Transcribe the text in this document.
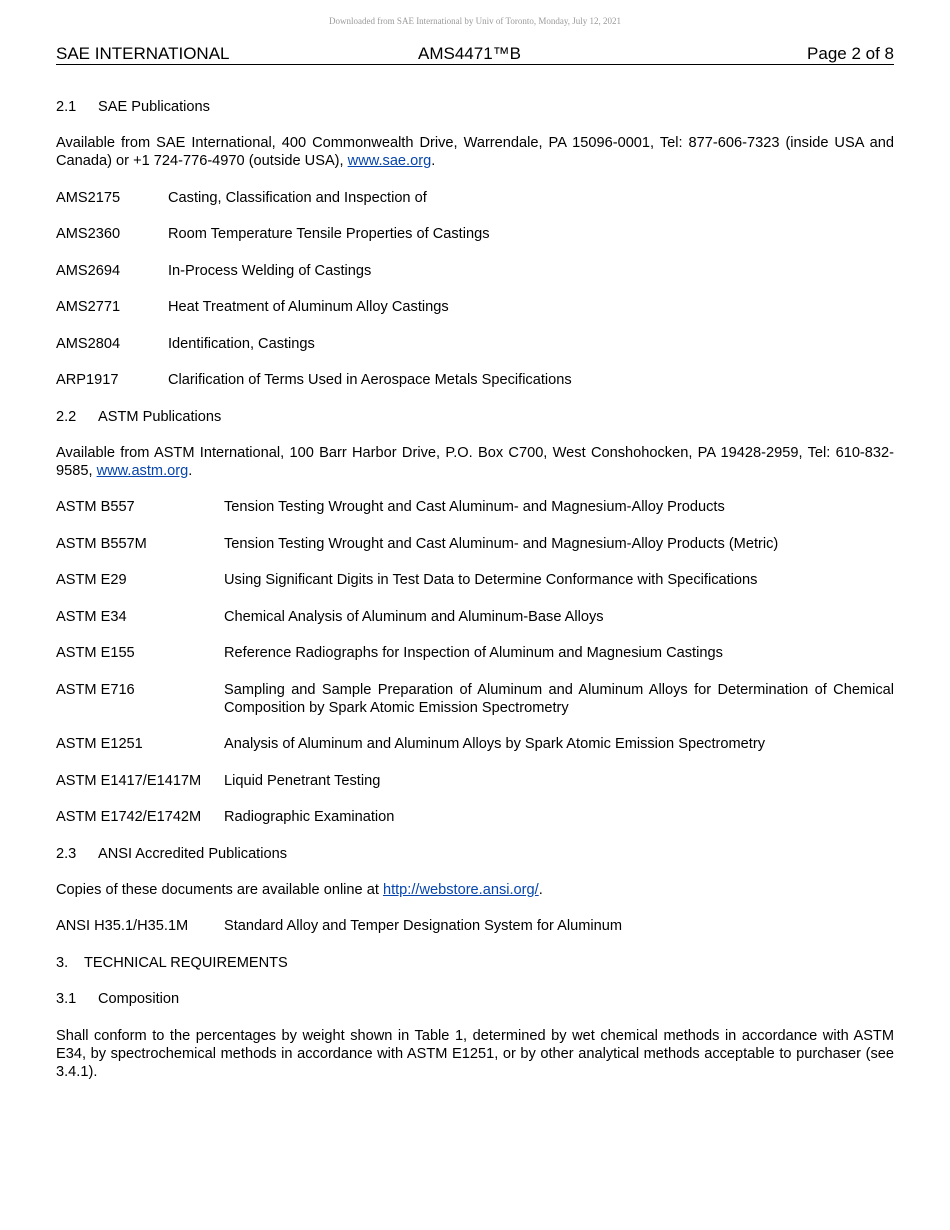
Downloaded from SAE International by Univ of Toronto, Monday, July 12, 2021
SAE INTERNATIONAL	AMS4471™B	Page 2 of 8
2.1 SAE Publications
Available from SAE International, 400 Commonwealth Drive, Warrendale, PA 15096-0001, Tel: 877-606-7323 (inside USA and Canada) or +1 724-776-4970 (outside USA), www.sae.org.
AMS2175	Casting, Classification and Inspection of
AMS2360	Room Temperature Tensile Properties of Castings
AMS2694	In-Process Welding of Castings
AMS2771	Heat Treatment of Aluminum Alloy Castings
AMS2804	Identification, Castings
ARP1917	Clarification of Terms Used in Aerospace Metals Specifications
2.2 ASTM Publications
Available from ASTM International, 100 Barr Harbor Drive, P.O. Box C700, West Conshohocken, PA 19428-2959, Tel: 610-832-9585, www.astm.org.
ASTM B557	Tension Testing Wrought and Cast Aluminum- and Magnesium-Alloy Products
ASTM B557M	Tension Testing Wrought and Cast Aluminum- and Magnesium-Alloy Products (Metric)
ASTM E29	Using Significant Digits in Test Data to Determine Conformance with Specifications
ASTM E34	Chemical Analysis of Aluminum and Aluminum-Base Alloys
ASTM E155	Reference Radiographs for Inspection of Aluminum and Magnesium Castings
ASTM E716	Sampling and Sample Preparation of Aluminum and Aluminum Alloys for Determination of Chemical Composition by Spark Atomic Emission Spectrometry
ASTM E1251	Analysis of Aluminum and Aluminum Alloys by Spark Atomic Emission Spectrometry
ASTM E1417/E1417M	Liquid Penetrant Testing
ASTM E1742/E1742M	Radiographic Examination
2.3 ANSI Accredited Publications
Copies of these documents are available online at http://webstore.ansi.org/.
ANSI H35.1/H35.1M	Standard Alloy and Temper Designation System for Aluminum
3. TECHNICAL REQUIREMENTS
3.1 Composition
Shall conform to the percentages by weight shown in Table 1, determined by wet chemical methods in accordance with ASTM E34, by spectrochemical methods in accordance with ASTM E1251, or by other analytical methods acceptable to purchaser (see 3.4.1).
